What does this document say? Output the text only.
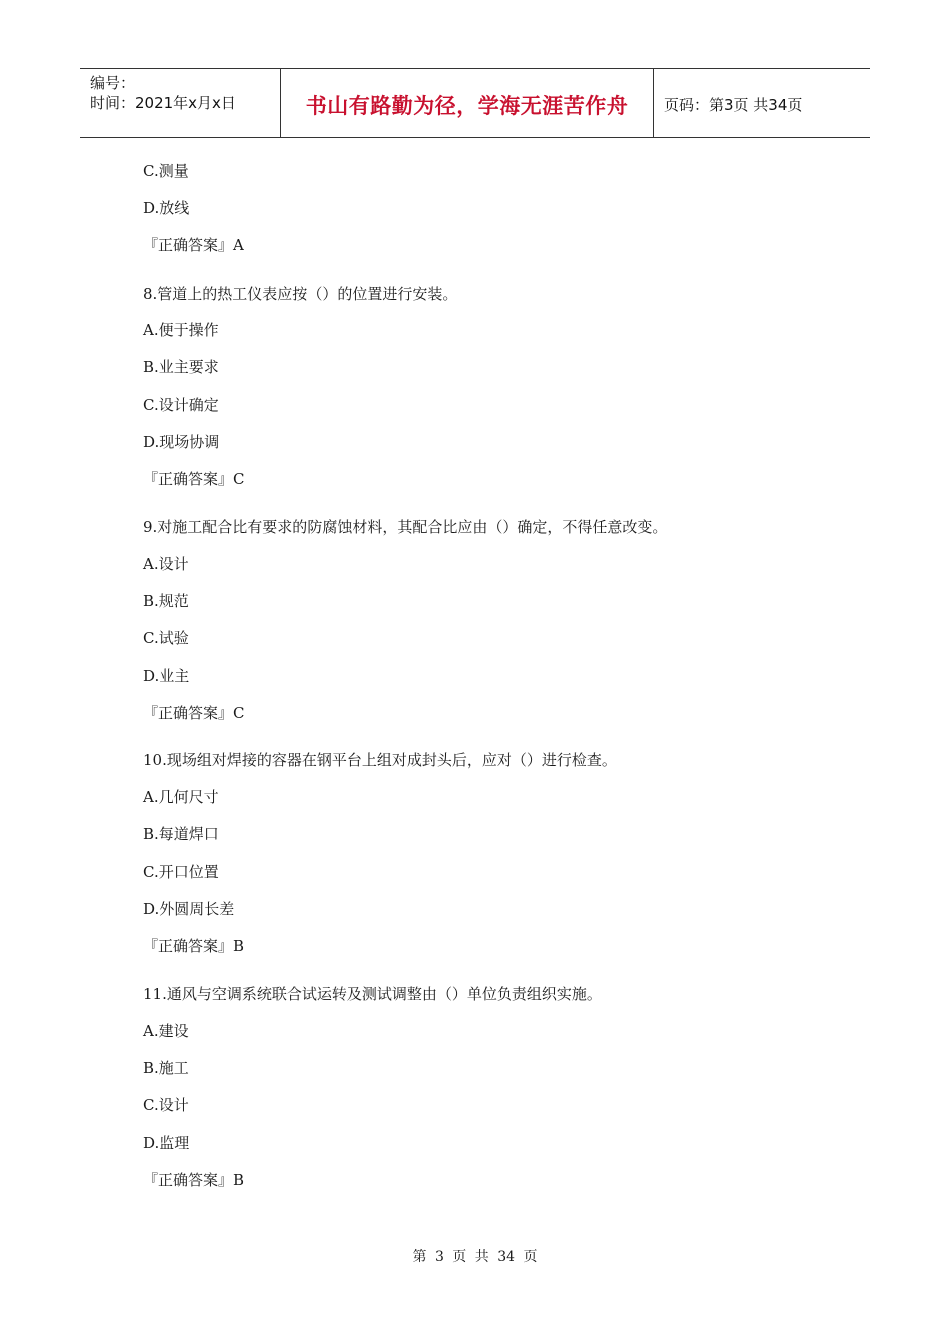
编号：
时间：2021年x月x日	书山有路勤为径，学海无涯苦作舟 页码：第3页 共34页
C.测量
D.放线
『正确答案』A
8.管道上的热工仪表应按（）的位置进行安装。
A.便于操作
B.业主要求
C.设计确定
D.现场协调
『正确答案』C
9.对施工配合比有要求的防腐蚀材料，其配合比应由（）确定，不得任意改变。
A.设计
B.规范
C.试验
D.业主
『正确答案』C
10.现场组对焊接的容器在钢平台上组对成封头后，应对（）进行检查。
A.几何尺寸
B.每道焊口
C.开口位置
D.外圆周长差
『正确答案』B
11.通风与空调系统联合试运转及测试调整由（）单位负责组织实施。
A.建设
B.施工
C.设计
D.监理
『正确答案』B
第 3 页 共 34 页
